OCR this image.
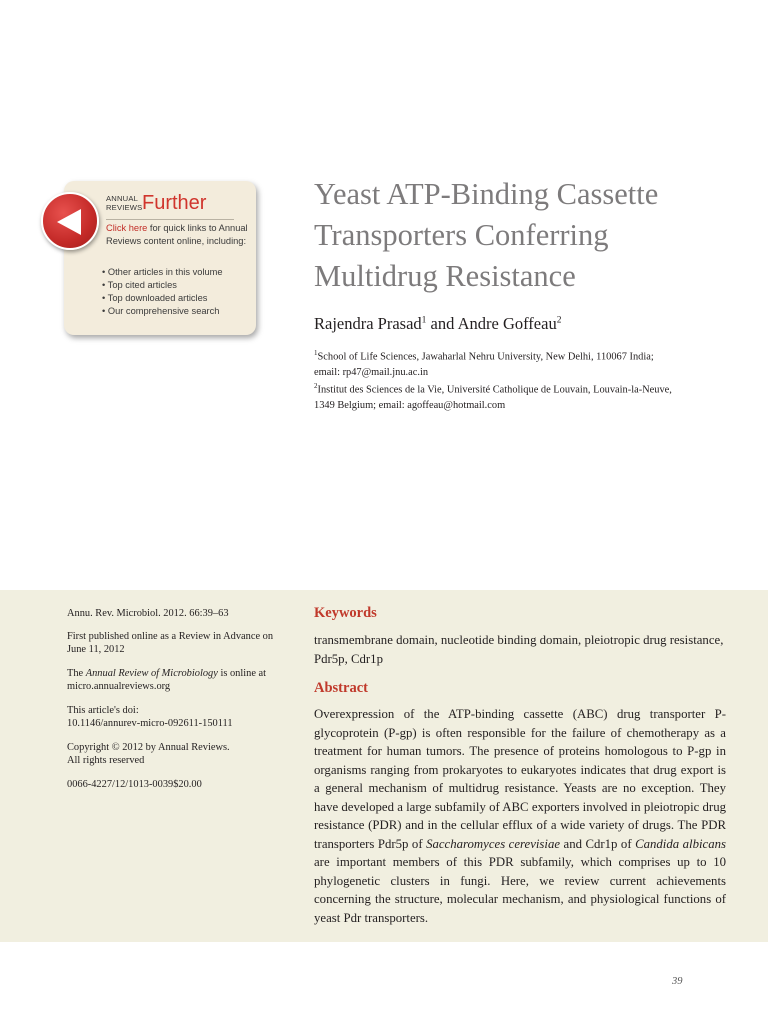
ANNUAL
REVIEWS Further
Click here for quick links to Annual Reviews content online, including:
• Other articles in this volume
• Top cited articles
• Top downloaded articles
• Our comprehensive search
Yeast ATP-Binding Cassette
Transporters Conferring
Multidrug Resistance
Rajendra Prasad$^1$ and Andre Goffeau$^2$
$^1$School of Life Sciences, Jawaharlal Nehru University, New Delhi, 110067 India;
email: rp47@mail.jnu.ac.in
$^2$Institut des Sciences de la Vie, Université Catholique de Louvain, Louvain-la-Neuve,
1349 Belgium; email: agoffeau@hotmail.com
Annu. Rev. Microbiol. 2012. 66:39–63
First published online as a Review in Advance on June 11, 2012
The Annual Review of Microbiology is online at micro.annualreviews.org
This article's doi:
10.1146/annurev-micro-092611-150111
Copyright © 2012 by Annual Reviews.
All rights reserved
0066-4227/12/1013-0039$20.00
Keywords
transmembrane domain, nucleotide binding domain, pleiotropic drug resistance, Pdr5p, Cdr1p
Abstract
Overexpression of the ATP-binding cassette (ABC) drug transporter P-glycoprotein (P-gp) is often responsible for the failure of chemotherapy as a treatment for human tumors. The presence of proteins homologous to P-gp in organisms ranging from prokaryotes to eukaryotes indicates that drug export is a general mechanism of multidrug resistance. Yeasts are no exception. They have developed a large subfamily of ABC exporters involved in pleiotropic drug resistance (PDR) and in the cellular efflux of a wide variety of drugs. The PDR transporters Pdr5p of Saccharomyces cerevisiae and Cdr1p of Candida albicans are important members of this PDR subfamily, which comprises up to 10 phylogenetic clusters in fungi. Here, we review current achievements concerning the structure, molecular mechanism, and physiological functions of yeast Pdr transporters.
39
